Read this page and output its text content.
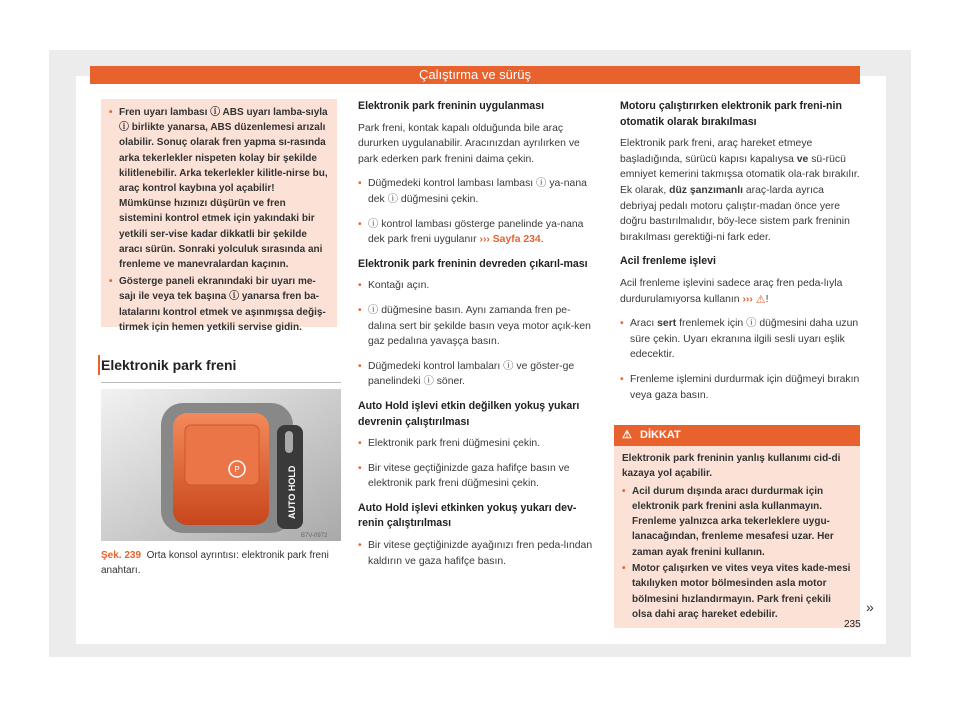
Çalıştırma ve sürüş
• Fren uyarı lambası ⓘ ABS uyarı lamba-sıyla ⓘ birlikte yanarsa, ABS düzenlemesi arızalı olabilir. Sonuç olarak fren yapma sı-rasında arka tekerlekler nispeten kolay bir şekilde kilitlenebilir. Arka tekerlekler kilitle-nirse bu, araç kontrol kaybına yol açabilir! Mümkünse hızınızı düşürün ve fren sistemini kontrol etmek için yakındaki bir yetkili ser-vise kadar dikkatli bir şekilde aracı sürün. Sonraki yolculuk sırasında ani frenleme ve manevralardan kaçının.
• Gösterge paneli ekranındaki bir uyarı me-sajı ile veya tek başına ⓘ yanarsa fren ba-latalarını kontrol etmek ve aşınmışsa değiş-tirmek için hemen yetkili servise gidin.
Elektronik park freni
P	AUTO HOLD
B7V-0972
Şek. 239 Orta konsol ayrıntısı: elektronik park freni anahtarı.
Elektronik park freninin uygulanması

Park freni, kontak kapalı olduğunda bile araç dururken uygulanabilir. Aracınızdan ayrılırken ve park ederken park frenini daima çekin.

• Düğmedeki kontrol lambası lambası ⓘ ya-nana dek ⓘ düğmesini çekin.
• ⓘ kontrol lambası gösterge panelinde ya-nana dek park freni uygulanır ››› Sayfa 234.
Elektronik park freninin devreden çıkarıl-ması
• Kontağı açın.
• ⓘ düğmesine basın. Aynı zamanda fren pe-dalına sert bir şekilde basın veya motor açık-ken gaz pedalına yavaşça basın.
• Düğmedeki kontrol lambaları ⓘ ve göster-ge panelindeki ⓘ söner.
Auto Hold işlevi etkin değilken yokuş yukarı devrenin çalıştırılması
• Elektronik park freni düğmesini çekin.
• Bir vitese geçtiğinizde gaza hafifçe basın ve elektronik park freni düğmesini çekin.
Auto Hold işlevi etkinken yokuş yukarı dev-renin çalıştırılması
• Bir vitese geçtiğinizde ayağınızı fren peda-lından kaldırın ve gaza hafifçe basın.
Motoru çalıştırırken elektronik park freni-nin otomatik olarak bırakılması

Elektronik park freni, araç hareket etmeye başladığında, sürücü kapısı kapalıysa ve sü-rücü emniyet kemerini takmışsa otomatik ola-rak bırakılır. Ek olarak, düz şanzımanlı araç-larda ayrıca debriyaj pedalı motoru çalıştır-madan önce yere doğru bastırılmalıdır, böy-lece sistem park freninin bırakılması gerektiği-ni fark eder.

Acil frenleme işlevi

Acil frenleme işlevini sadece araç fren peda-lıyla durdurulamıyorsa kullanın ››› ⚠!

• Aracı sert frenlemek için ⓘ düğmesini daha uzun süre çekin. Uyarı ekranına ilgili sesli uyarı eşlik edecektir.
• Frenleme işlemini durdurmak için düğmeyi bırakın veya gaza basın.
⚠ DİKKAT
Elektronik park freninin yanlış kullanımı cid-di kazaya yol açabilir.
• Acil durum dışında aracı durdurmak için elektronik park frenini asla kullanmayın. Frenleme yalnızca arka tekerleklere uygu-lanacağından, frenleme mesafesi uzar. Her zaman ayak frenini kullanın.
• Motor çalışırken ve vites veya vites kade-mesi takılıyken motor bölmesinden asla motor bölmesini hızlandırmayın. Park freni çekili olsa dahi araç hareket edebilir.	»
235
